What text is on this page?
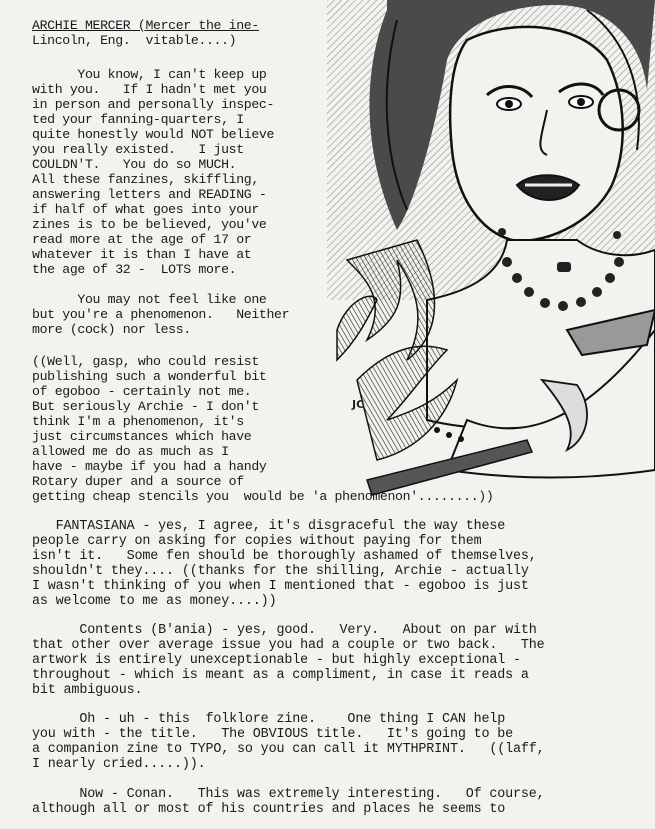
JC
ARCHIE MERCER (Mercer the ine-
Lincoln, Eng.  vitable....)
You know, I can't keep up
with you.   If I hadn't met you
in person and personally inspec-
ted your fanning-quarters, I
quite honestly would NOT believe
you really existed.   I just
COULDN'T.   You do so MUCH.
All these fanzines, skiffling,
answering letters and READING -
if half of what goes into your
zines is to be believed, you've
read more at the age of 17 or
whatever it is than I have at
the age of 32 -  LOTS more.
You may not feel like one
but you're a phenomenon.   Neither
more (cock) nor less.
((Well, gasp, who could resist
publishing such a wonderful bit
of egoboo - certainly not me.
But seriously Archie - I don't
think I'm a phenomenon, it's
just circumstances which have
allowed me do as much as I
have - maybe if you had a handy
Rotary duper and a source of
getting cheap stencils you  would be 'a phenomenon'........))
FANTASIANA - yes, I agree, it's disgraceful the way these
people carry on asking for copies without paying for them
isn't it.   Some fen should be thoroughly ashamed of themselves,
shouldn't they.... ((thanks for the shilling, Archie - actually
I wasn't thinking of you when I mentioned that - egoboo is just
as welcome to me as money....))
Contents (B'ania) - yes, good.   Very.   About on par with
that other over average issue you had a couple or two back.   The
artwork is entirely unexceptionable - but highly exceptional -
throughout - which is meant as a compliment, in case it reads a
bit ambiguous.
Oh - uh - this  folklore zine.    One thing I CAN help
you with - the title.   The OBVIOUS title.   It's going to be
a companion zine to TYPO, so you can call it MYTHPRINT.   ((laff,
I nearly cried.....)).
Now - Conan.   This was extremely interesting.   Of course,
although all or most of his countries and places he seems to
